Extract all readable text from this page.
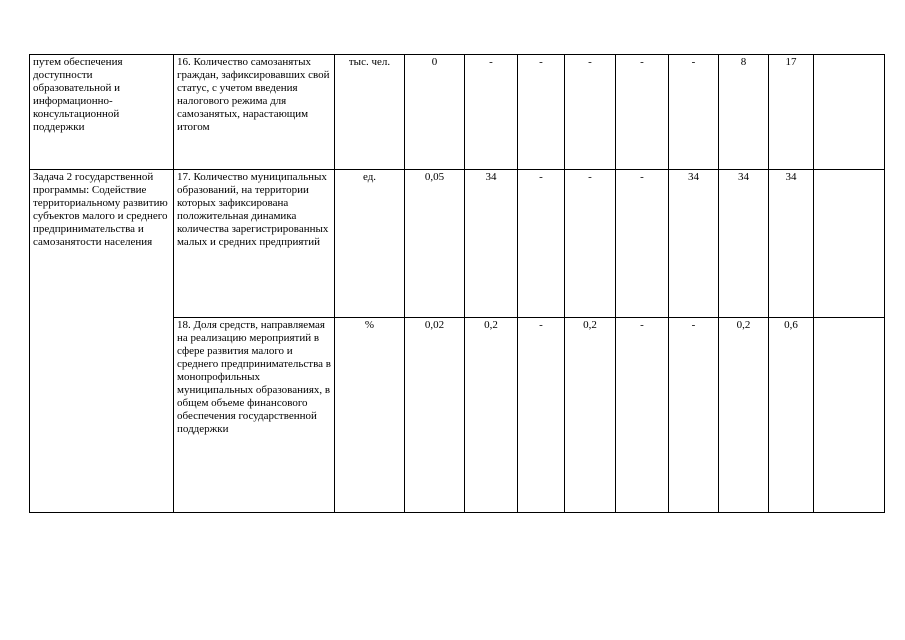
путем обеспечения доступности образовательной и информационно-консультационной поддержки	16. Количество самозанятых граждан, зафиксировавших свой статус, с учетом введения налогового режима для самозанятых, нарастающим итогом	тыс. чел.	0	-	-	-	-	-	8	17	
Задача 2 государственной программы: Содействие территориальному развитию субъектов малого и среднего предпринимательства и самозанятости населения	17. Количество муниципальных образований, на территории которых зафиксирована положительная динамика количества зарегистрированных малых и средних предприятий	ед.	0,05	34	-	-	-	34	34	34	
	18. Доля средств, направляемая на реализацию мероприятий в сфере развития малого и среднего предпринимательства в монопрофильных муниципальных образованиях, в общем объеме финансового обеспечения государственной поддержки	%	0,02	0,2	-	0,2	-	-	0,2	0,6	
